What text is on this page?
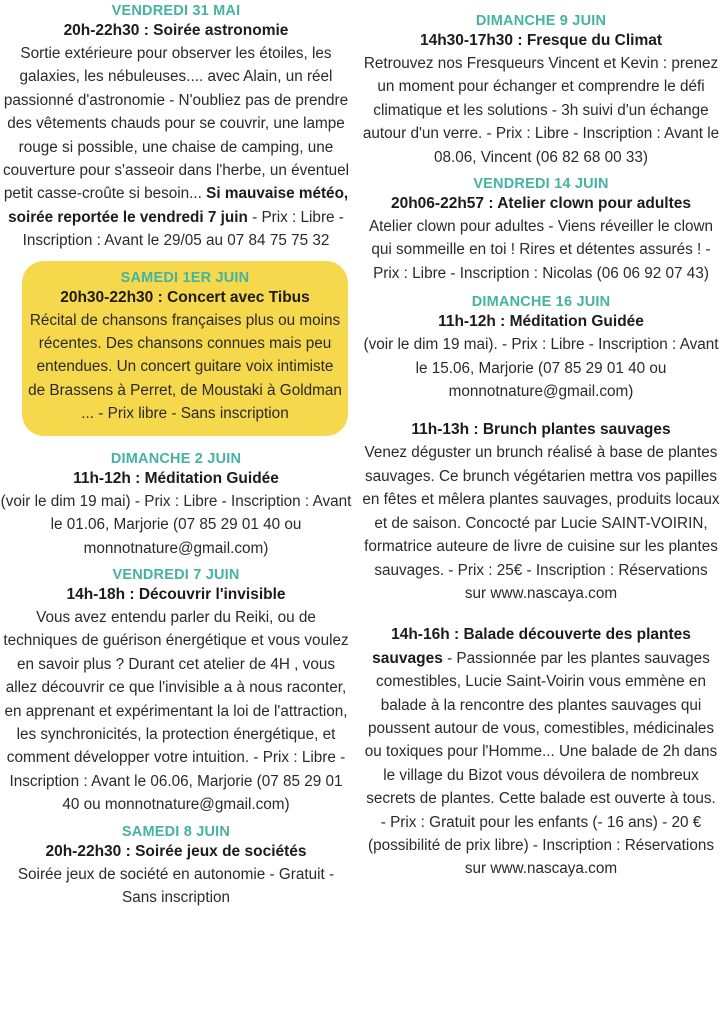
VENDREDI 31 MAI
20h-22h30 : Soirée astronomie
Sortie extérieure pour observer les étoiles, les galaxies, les nébuleuses.... avec Alain, un réel passionné d'astronomie - N'oubliez pas de prendre des vêtements chauds pour se couvrir, une lampe rouge si possible, une chaise de camping, une couverture pour s'asseoir dans l'herbe, un éventuel petit casse-croûte si besoin... Si mauvaise météo, soirée reportée le vendredi 7 juin - Prix : Libre - Inscription : Avant le 29/05 au 07 84 75 75 32
SAMEDI 1ER JUIN
20h30-22h30 : Concert avec Tibus
Récital de chansons françaises plus ou moins récentes. Des chansons connues mais peu entendues. Un concert guitare voix intimiste de Brassens à Perret, de Moustaki à Goldman ... - Prix libre - Sans inscription
DIMANCHE 2 JUIN
11h-12h : Méditation Guidée
(voir le dim 19 mai) - Prix : Libre - Inscription : Avant le 01.06, Marjorie (07 85 29 01 40 ou monnotnature@gmail.com)
VENDREDI 7 JUIN
14h-18h : Découvrir l'invisible
Vous avez entendu parler du Reiki, ou de techniques de guérison énergétique et vous voulez en savoir plus ? Durant cet atelier de 4H , vous allez découvrir ce que l'invisible a à nous raconter, en apprenant et expérimentant la loi de l'attraction, les synchronicités, la protection énergétique, et comment développer votre intuition. - Prix : Libre - Inscription : Avant le 06.06, Marjorie (07 85 29 01 40 ou monnotnature@gmail.com)
SAMEDI 8 JUIN
20h-22h30 : Soirée jeux de sociétés
Soirée jeux de société en autonomie - Gratuit - Sans inscription
DIMANCHE 9 JUIN
14h30-17h30 : Fresque du Climat
Retrouvez nos Fresqueurs Vincent et Kevin : prenez un moment pour échanger et comprendre le défi climatique et les solutions - 3h suivi d'un échange autour d'un verre. - Prix : Libre - Inscription : Avant le 08.06, Vincent (06 82 68 00 33)
VENDREDI 14 JUIN
20h06-22h57 : Atelier clown pour adultes
Atelier clown pour adultes - Viens réveiller le clown qui sommeille en toi ! Rires et détentes assurés ! - Prix : Libre - Inscription : Nicolas (06 06 92 07 43)
DIMANCHE 16 JUIN
11h-12h : Méditation Guidée
(voir le dim 19 mai). - Prix : Libre - Inscription : Avant le 15.06, Marjorie (07 85 29 01 40 ou monnotnature@gmail.com)
11h-13h : Brunch plantes sauvages
Venez déguster un brunch réalisé à base de plantes sauvages. Ce brunch végétarien mettra vos papilles en fêtes et mêlera plantes sauvages, produits locaux et de saison. Concocté par Lucie SAINT-VOIRIN, formatrice auteure de livre de cuisine sur les plantes sauvages. - Prix : 25€ - Inscription : Réservations sur www.nascaya.com
14h-16h : Balade découverte des plantes sauvages - Passionnée par les plantes sauvages comestibles, Lucie Saint-Voirin vous emmène en balade à la rencontre des plantes sauvages qui poussent autour de vous, comestibles, médicinales ou toxiques pour l'Homme... Une balade de 2h dans le village du Bizot vous dévoilera de nombreux secrets de plantes. Cette balade est ouverte à tous. - Prix : Gratuit pour les enfants (- 16 ans) - 20 € (possibilité de prix libre) - Inscription : Réservations sur www.nascaya.com
